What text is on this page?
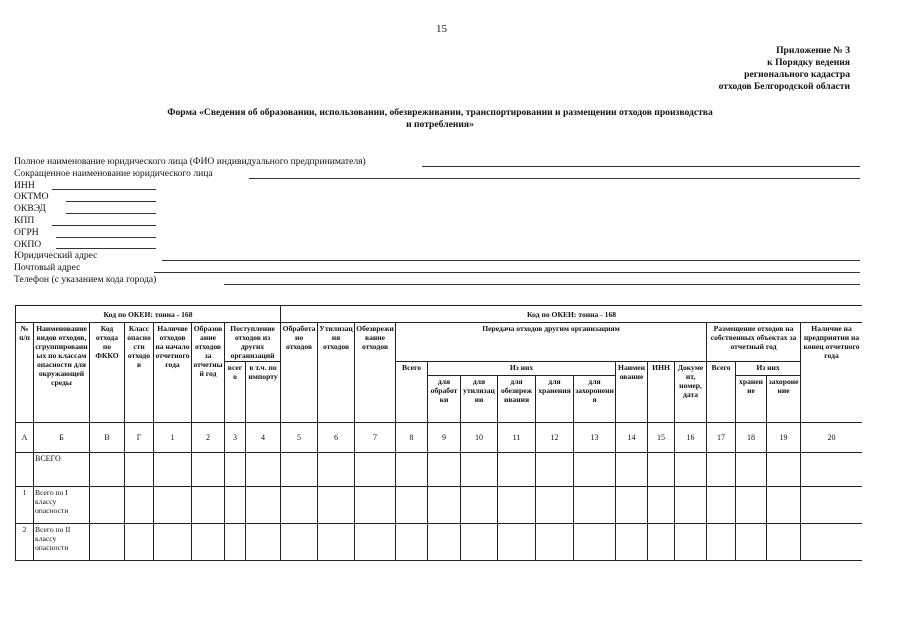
15
Приложение № 3
к Порядку ведения
регионального кадастра
отходов Белгородской области
Форма «Сведения об образовании, использовании, обезвреживании, транспортировании и размещении отходов производства
и потребления»
Полное наименование юридического лица (ФИО индивидуального предпринимателя)
Сокращенное наименование юридического лица
ИНН
ОКТМО
ОКВЭД
КПП
ОГРН
ОКПО
Юридический адрес
Почтовый адрес
Телефон (с указанием кода города)
Код по ОКЕИ: тонна - 168								Код по ОКЕИ: тонна - 168															
№ п/п	Наименование видов отходов, сгруппированных по классам опасности для окружающей среды	Код отхода по ФККО	Класс опасности отходов	Наличие отходов на начало отчетного года	Образование отходов за отчетный год	Поступление отходов из других организаций		Обработано отходов	Утилизация отходов	Обезвреживание отходов	Передача отходов другим организациям									Размещение отходов на собственных объектах за отчетный год			Наличие на предприятии на конец отчетного года
						всего	в т.ч. по импорту				Всего	Из них					Наименование	ИНН	Документ, номер, дата	Всего	Из них		
												для обработки	для утилизации	для обезвреживания	для хранения	для захоронения					хранение	захоронение	
А	Б	В	Г	1	2	3	4	5	6	7	8	9	10	11	12	13	14	15	16	17	18	19	20
	ВСЕГО																						
1	Всего по I классу опасности																						
2	Всего по II классу опасности																						
